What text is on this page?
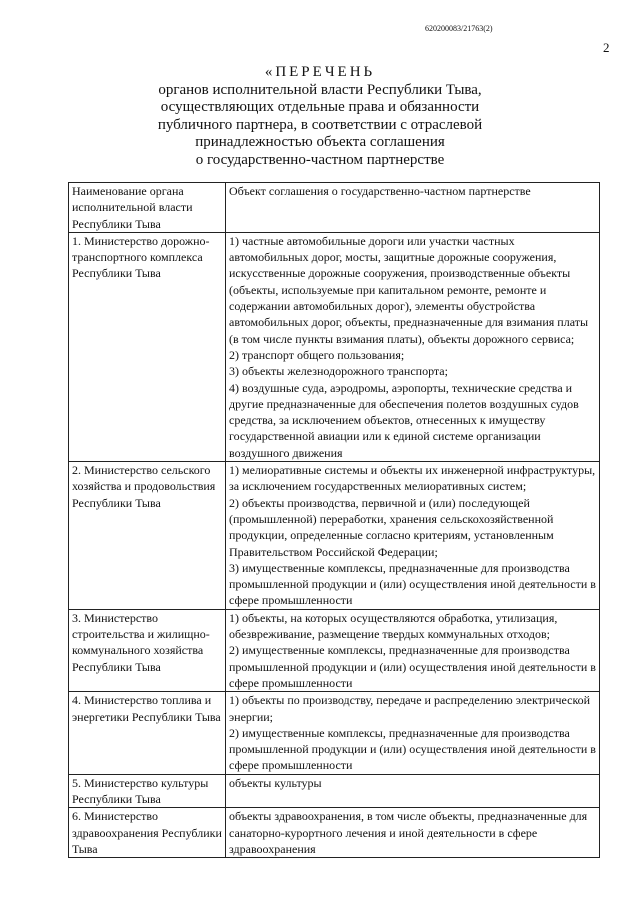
620200083/21763(2)
2
«ПЕРЕЧЕНЬ
органов исполнительной власти Республики Тыва,
осуществляющих отдельные права и обязанности
публичного партнера, в соответствии с отраслевой
принадлежностью объекта соглашения
о государственно-частном партнерстве
Наименование органа исполнительной власти Республики Тыва	Объект соглашения о государственно-частном партнерстве
1. Министерство дорожно-транспортного комплекса Республики Тыва	1) частные автомобильные дороги или участки частных автомобильных дорог, мосты, защитные дорожные сооружения, искусственные дорожные сооружения, производственные объекты (объекты, используемые при капитальном ремонте, ремонте и содержании автомобильных дорог), элементы обустройства автомобильных дорог, объекты, предназначенные для взимания платы (в том числе пункты взимания платы), объекты дорожного сервиса;
2) транспорт общего пользования;
3) объекты железнодорожного транспорта;
4) воздушные суда, аэродромы, аэропорты, технические средства и другие предназначенные для обеспечения полетов воздушных судов средства, за исключением объектов, отнесенных к имуществу государственной авиации или к единой системе организации воздушного движения

2. Министерство сельского хозяйства и продовольствия Республики Тыва	1) мелиоративные системы и объекты их инженерной инфраструктуры, за исключением государственных мелиоративных систем;
2) объекты производства, первичной и (или) последующей (промышленной) переработки, хранения сельскохозяйственной продукции, определенные согласно критериям, установленным Правительством Российской Федерации;
3) имущественные комплексы, предназначенные для производства промышленной продукции и (или) осуществления иной деятельности в сфере промышленности

3. Министерство строительства и жилищно-коммунального хозяйства Республики Тыва	1) объекты, на которых осуществляются обработка, утилизация, обезвреживание, размещение твердых коммунальных отходов;
2) имущественные комплексы, предназначенные для производства промышленной продукции и (или) осуществления иной деятельности в сфере промышленности

4. Министерство топлива и энергетики Республики Тыва	1) объекты по производству, передаче и распределению электрической энергии;
2) имущественные комплексы, предназначенные для производства промышленной продукции и (или) осуществления иной деятельности в сфере промышленности

5. Министерство культуры Республики Тыва	объекты культуры

6. Министерство здравоохранения Республики Тыва	объекты здравоохранения, в том числе объекты, предназначенные для санаторно-курортного лечения и иной деятельности в сфере здравоохранения
